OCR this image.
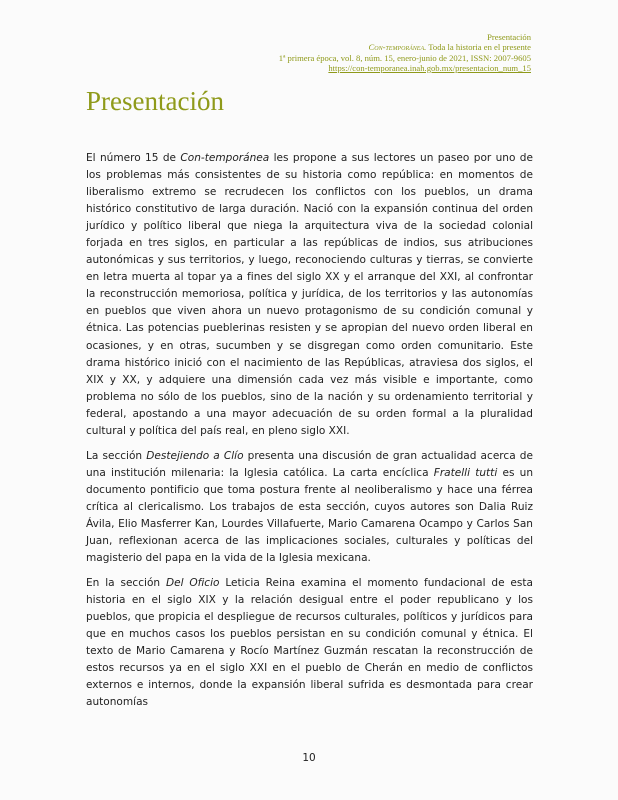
Presentación
Con-temporánea. Toda la historia en el presente
1ª primera época, vol. 8, núm. 15, enero-junio de 2021, ISSN: 2007-9605
https://con-temporanea.inah.gob.mx/presentacion_num_15
Presentación

El número 15 de Con-temporánea les propone a sus lectores un paseo por uno de los problemas más consistentes de su historia como república: en momentos de liberalismo extremo se recrudecen los conflictos con los pueblos, un drama histórico constitutivo de larga duración. Nació con la expansión continua del orden jurídico y político liberal que niega la arquitectura viva de la sociedad colonial forjada en tres siglos, en particular a las repúblicas de indios, sus atribuciones autonómicas y sus territorios, y luego, reconociendo culturas y tierras, se convierte en letra muerta al topar ya a fines del siglo XX y el arranque del XXI, al confrontar la reconstrucción memoriosa, política y jurídica, de los territorios y las autonomías en pueblos que viven ahora un nuevo protagonismo de su condición comunal y étnica. Las potencias pueblerinas resisten y se apropian del nuevo orden liberal en ocasiones, y en otras, sucumben y se disgregan como orden comunitario. Este drama histórico inició con el nacimiento de las Repúblicas, atraviesa dos siglos, el XIX y XX, y adquiere una dimensión cada vez más visible e importante, como problema no sólo de los pueblos, sino de la nación y su ordenamiento territorial y federal, apostando a una mayor adecuación de su orden formal a la pluralidad cultural y política del país real, en pleno siglo XXI.

La sección Destejiendo a Clío presenta una discusión de gran actualidad acerca de una institución milenaria: la Iglesia católica. La carta encíclica Fratelli tutti es un documento pontificio que toma postura frente al neoliberalismo y hace una férrea crítica al clericalismo. Los trabajos de esta sección, cuyos autores son Dalia Ruiz Ávila, Elio Masferrer Kan, Lourdes Villafuerte, Mario Camarena Ocampo y Carlos San Juan, reflexionan acerca de las implicaciones sociales, culturales y políticas del magisterio del papa en la vida de la Iglesia mexicana.

En la sección Del Oficio Leticia Reina examina el momento fundacional de esta historia en el siglo XIX y la relación desigual entre el poder republicano y los pueblos, que propicia el despliegue de recursos culturales, políticos y jurídicos para que en muchos casos los pueblos persistan en su condición comunal y étnica. El texto de Mario Camarena y Rocío Martínez Guzmán rescatan la reconstrucción de estos recursos ya en el siglo XXI en el pueblo de Cherán en medio de conflictos externos e internos, donde la expansión liberal sufrida es desmontada para crear autonomías

10
